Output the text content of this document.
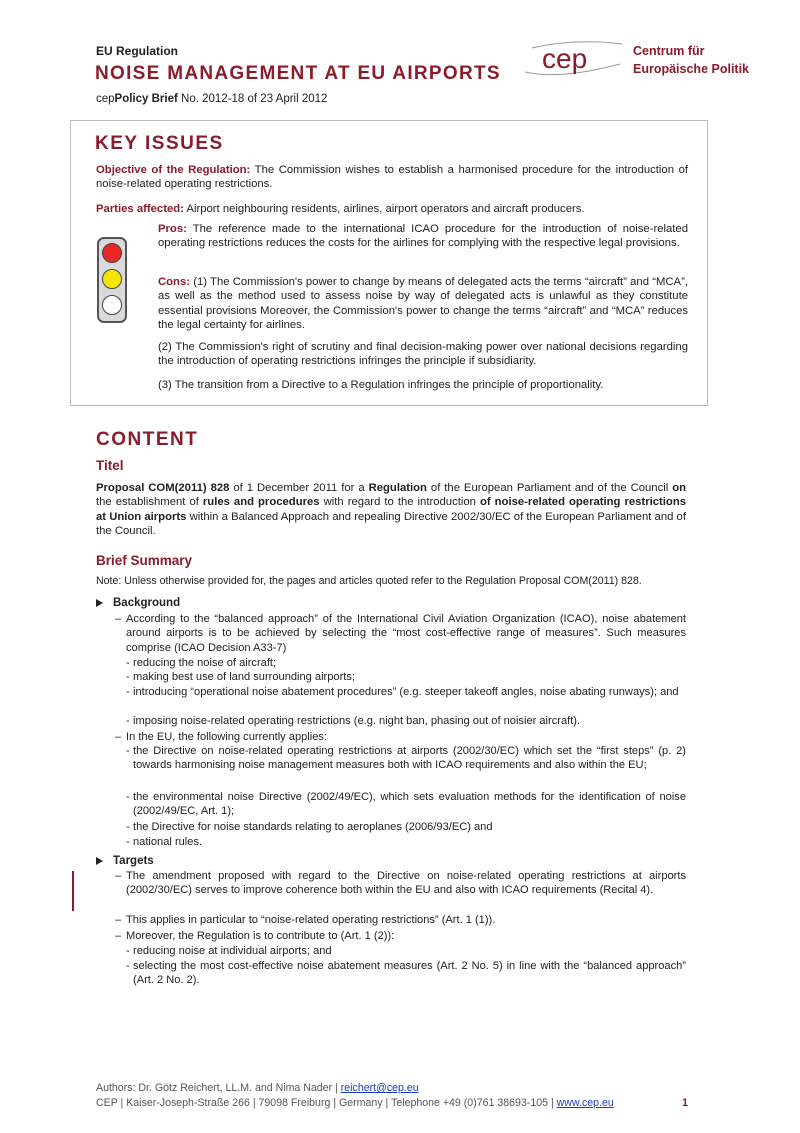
EU Regulation
NOISE MANAGEMENT AT EU AIRPORTS
cepPolicy Brief No. 2012-18 of 23 April 2012
cep	Centrum für
Europäische Politik
KEY ISSUES
Objective of the Regulation: The Commission wishes to establish a harmonised procedure for the introduction of noise-related operating restrictions.
Parties affected: Airport neighbouring residents, airlines, airport operators and aircraft producers.
Pros: The reference made to the international ICAO procedure for the introduction of noise-related operating restrictions reduces the costs for the airlines for complying with the respective legal provisions.
Cons: (1) The Commission's power to change by means of delegated acts the terms “aircraft” and “MCA”, as well as the method used to assess noise by way of delegated acts is unlawful as they constitute essential provisions Moreover, the Commission's power to change the terms “aircraft” and “MCA” reduces the legal certainty for airlines.
(2) The Commission's right of scrutiny and final decision-making power over national decisions regarding the introduction of operating restrictions infringes the principle if subsidiarity.
(3) The transition from a Directive to a Regulation infringes the principle of proportionality.
CONTENT
Titel
Proposal COM(2011) 828 of 1 December 2011 for a Regulation of the European Parliament and of the Council on the establishment of rules and procedures with regard to the introduction of noise-related operating restrictions at Union airports within a Balanced Approach and repealing Directive 2002/30/EC of the European Parliament and of the Council.
Brief Summary
Note: Unless otherwise provided for, the pages and articles quoted refer to the Regulation Proposal COM(2011) 828.
Background
– According to the “balanced approach” of the International Civil Aviation Organization (ICAO), noise abatement around airports is to be achieved by selecting the “most cost-effective range of measures”. Such measures comprise (ICAO Decision A33-7)
- reducing the noise of aircraft;
- making best use of land surrounding airports;
- introducing “operational noise abatement procedures” (e.g. steeper takeoff angles, noise abating runways); and
- imposing noise-related operating restrictions (e.g. night ban, phasing out of noisier aircraft).
– In the EU, the following currently applies:
- the Directive on noise-related operating restrictions at airports (2002/30/EC) which set the “first steps” (p. 2) towards harmonising noise management measures both with ICAO requirements and also within the EU;
- the environmental noise Directive (2002/49/EC), which sets evaluation methods for the identification of noise (2002/49/EC, Art. 1);
- the Directive for noise standards relating to aeroplanes (2006/93/EC) and
- national rules.
Targets
– The amendment proposed with regard to the Directive on noise-related operating restrictions at airports (2002/30/EC) serves to improve coherence both within the EU and also with ICAO requirements (Recital 4).
– This applies in particular to “noise-related operating restrictions” (Art. 1 (1)).
– Moreover, the Regulation is to contribute to (Art. 1 (2)):
- reducing noise at individual airports; and
- selecting the most cost-effective noise abatement measures (Art. 2 No. 5) in line with the “balanced approach” (Art. 2 No. 2).
Authors: Dr. Götz Reichert, LL.M. and Nima Nader | reichert@cep.eu
CEP | Kaiser-Joseph-Straße 266 | 79098 Freiburg | Germany | Telephone +49 (0)761 38693-105 | www.cep.eu	1
